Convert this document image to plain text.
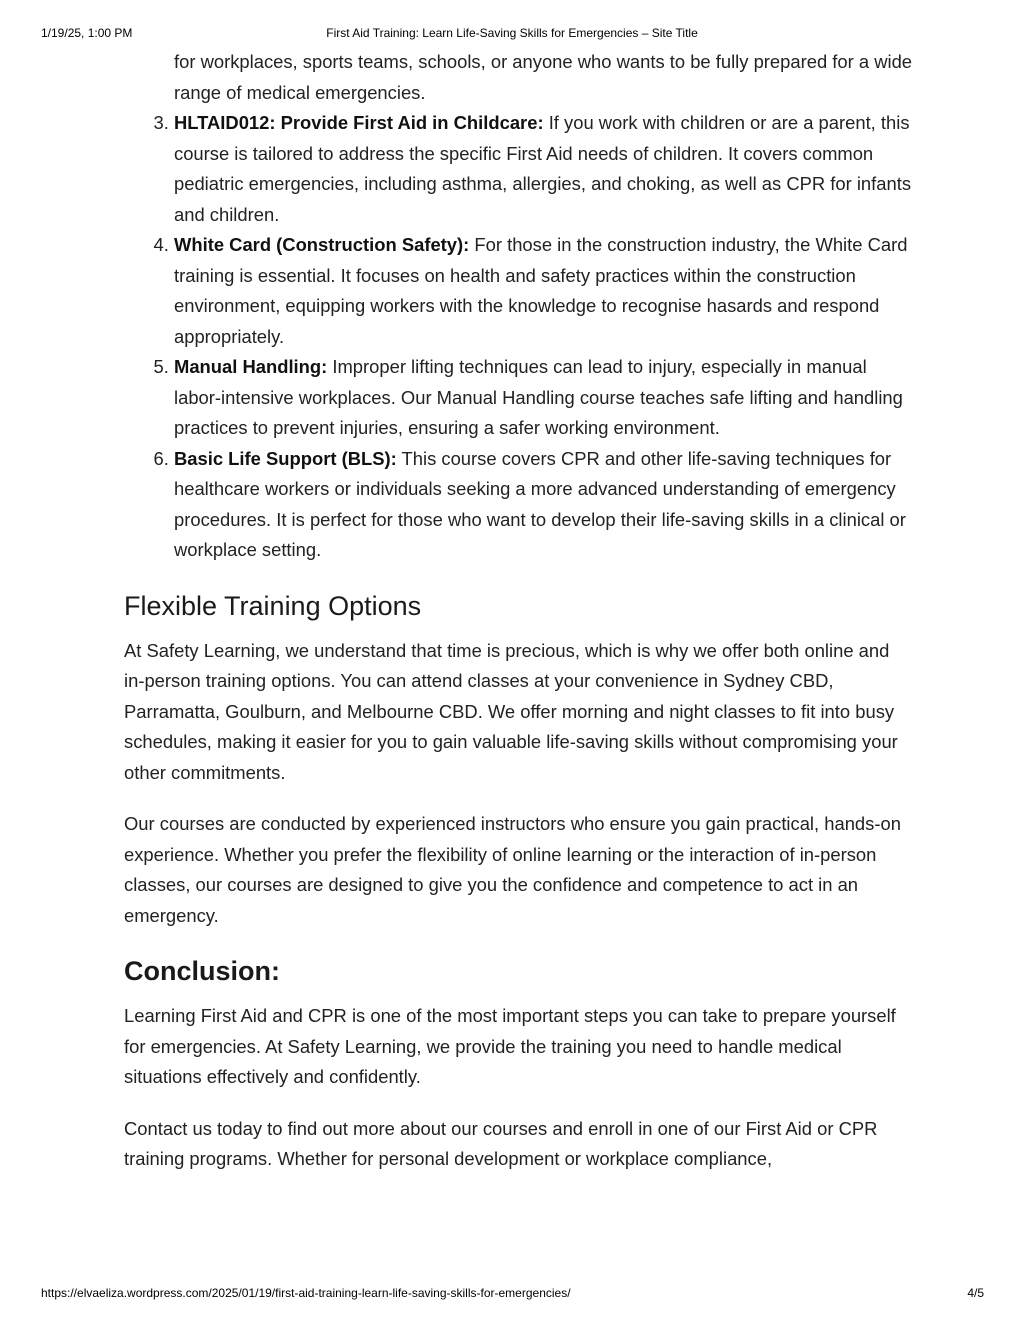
1/19/25, 1:00 PM	First Aid Training: Learn Life-Saving Skills for Emergencies – Site Title
for workplaces, sports teams, schools, or anyone who wants to be fully prepared for a wide range of medical emergencies.
3. HLTAID012: Provide First Aid in Childcare: If you work with children or are a parent, this course is tailored to address the specific First Aid needs of children. It covers common pediatric emergencies, including asthma, allergies, and choking, as well as CPR for infants and children.
4. White Card (Construction Safety): For those in the construction industry, the White Card training is essential. It focuses on health and safety practices within the construction environment, equipping workers with the knowledge to recognise hasards and respond appropriately.
5. Manual Handling: Improper lifting techniques can lead to injury, especially in manual labor-intensive workplaces. Our Manual Handling course teaches safe lifting and handling practices to prevent injuries, ensuring a safer working environment.
6. Basic Life Support (BLS): This course covers CPR and other life-saving techniques for healthcare workers or individuals seeking a more advanced understanding of emergency procedures. It is perfect for those who want to develop their life-saving skills in a clinical or workplace setting.
Flexible Training Options

At Safety Learning, we understand that time is precious, which is why we offer both online and in-person training options. You can attend classes at your convenience in Sydney CBD, Parramatta, Goulburn, and Melbourne CBD. We offer morning and night classes to fit into busy schedules, making it easier for you to gain valuable life-saving skills without compromising your other commitments.

Our courses are conducted by experienced instructors who ensure you gain practical, hands-on experience. Whether you prefer the flexibility of online learning or the interaction of in-person classes, our courses are designed to give you the confidence and competence to act in an emergency.

Conclusion:

Learning First Aid and CPR is one of the most important steps you can take to prepare yourself for emergencies. At Safety Learning, we provide the training you need to handle medical situations effectively and confidently.

Contact us today to find out more about our courses and enroll in one of our First Aid or CPR training programs. Whether for personal development or workplace compliance,

https://elvaeliza.wordpress.com/2025/01/19/first-aid-training-learn-life-saving-skills-for-emergencies/	4/5
